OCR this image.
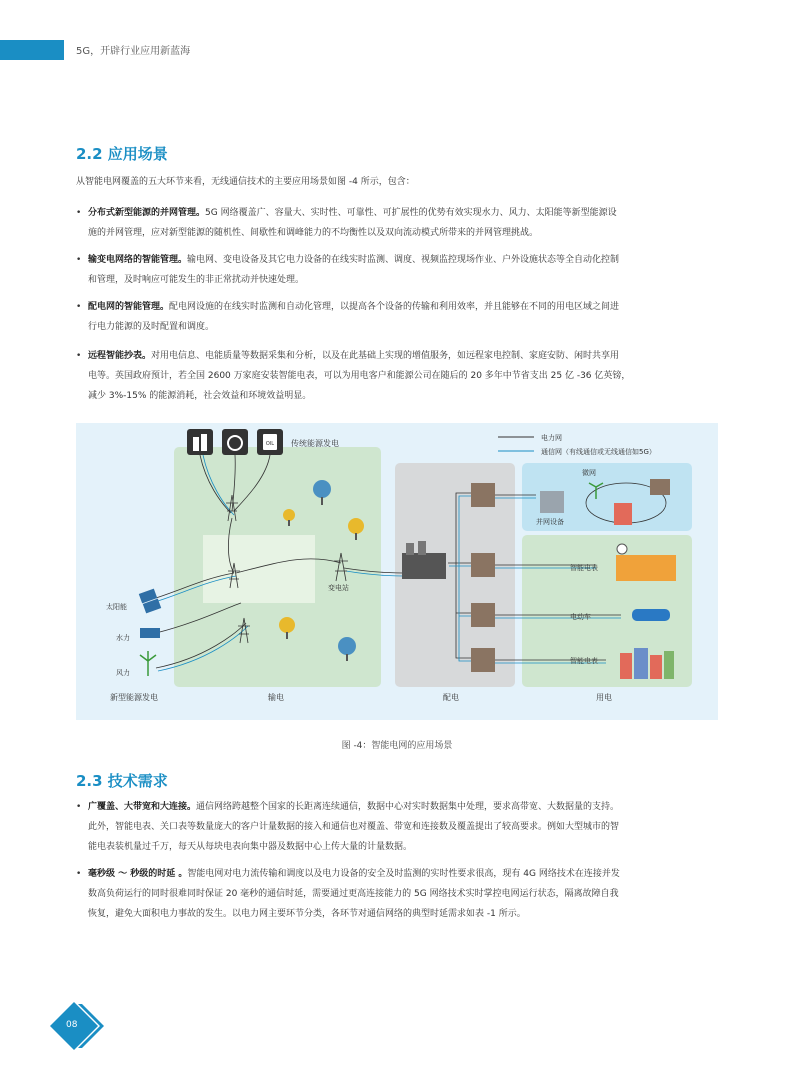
5G，开辟行业应用新蓝海
2.2 应用场景
从智能电网覆盖的五大环节来看，无线通信技术的主要应用场景如图 -4 所示，包含：
• 分布式新型能源的并网管理。5G 网络覆盖广、容量大、实时性、可靠性、可扩展性的优势有效实现水力、风力、太阳能等新型能源设
施的并网管理，应对新型能源的随机性、间歇性和调峰能力的不均衡性以及双向流动模式所带来的并网管理挑战。
• 输变电网络的智能管理。输电网、变电设备及其它电力设备的在线实时监测、调度、视频监控现场作业、户外设施状态等全自动化控制
和管理，及时响应可能发生的非正常扰动并快速处理。
• 配电网的智能管理。配电网设施的在线实时监测和自动化管理，以提高各个设备的传输和利用效率，并且能够在不同的用电区域之间进
行电力能源的及时配置和调度。
• 远程智能抄表。对用电信息、电能质量等数据采集和分析，以及在此基础上实现的增值服务，如远程家电控制、家庭安防、闲时共享用
电等。英国政府预计，若全国 2600 万家庭安装智能电表，可以为用电客户和能源公司在随后的 20 多年中节省支出 25 亿 -36 亿英镑，
减少 3%-15% 的能源消耗，社会效益和环境效益明显。
OIL 传统能源发电
电力网
通信网（有线通信或无线通信如5G）
变电站
太阳能
水力
风力
微网
并网设备
智能电表
电动车
智能电表
新型能源发电	输电	配电	用电
图 -4：智能电网的应用场景
2.3 技术需求
• 广覆盖、大带宽和大连接。通信网络跨越整个国家的长距离连续通信，数据中心对实时数据集中处理，要求高带宽、大数据量的支持。
此外，智能电表、关口表等数量庞大的客户计量数据的接入和通信也对覆盖、带宽和连接数及覆盖提出了较高要求。例如大型城市的智
能电表装机量过千万，每天从每块电表向集中器及数据中心上传大量的计量数据。
• 毫秒级 ～ 秒级的时延 。智能电网对电力流传输和调度以及电力设备的安全及时监测的实时性要求很高，现有 4G 网络技术在连接并发
数高负荷运行的同时很难同时保证 20 毫秒的通信时延，需要通过更高连接能力的 5G 网络技术实时掌控电网运行状态，隔离故障自我
恢复，避免大面积电力事故的发生。以电力网主要环节分类，各环节对通信网络的典型时延需求如表 -1 所示。
08
